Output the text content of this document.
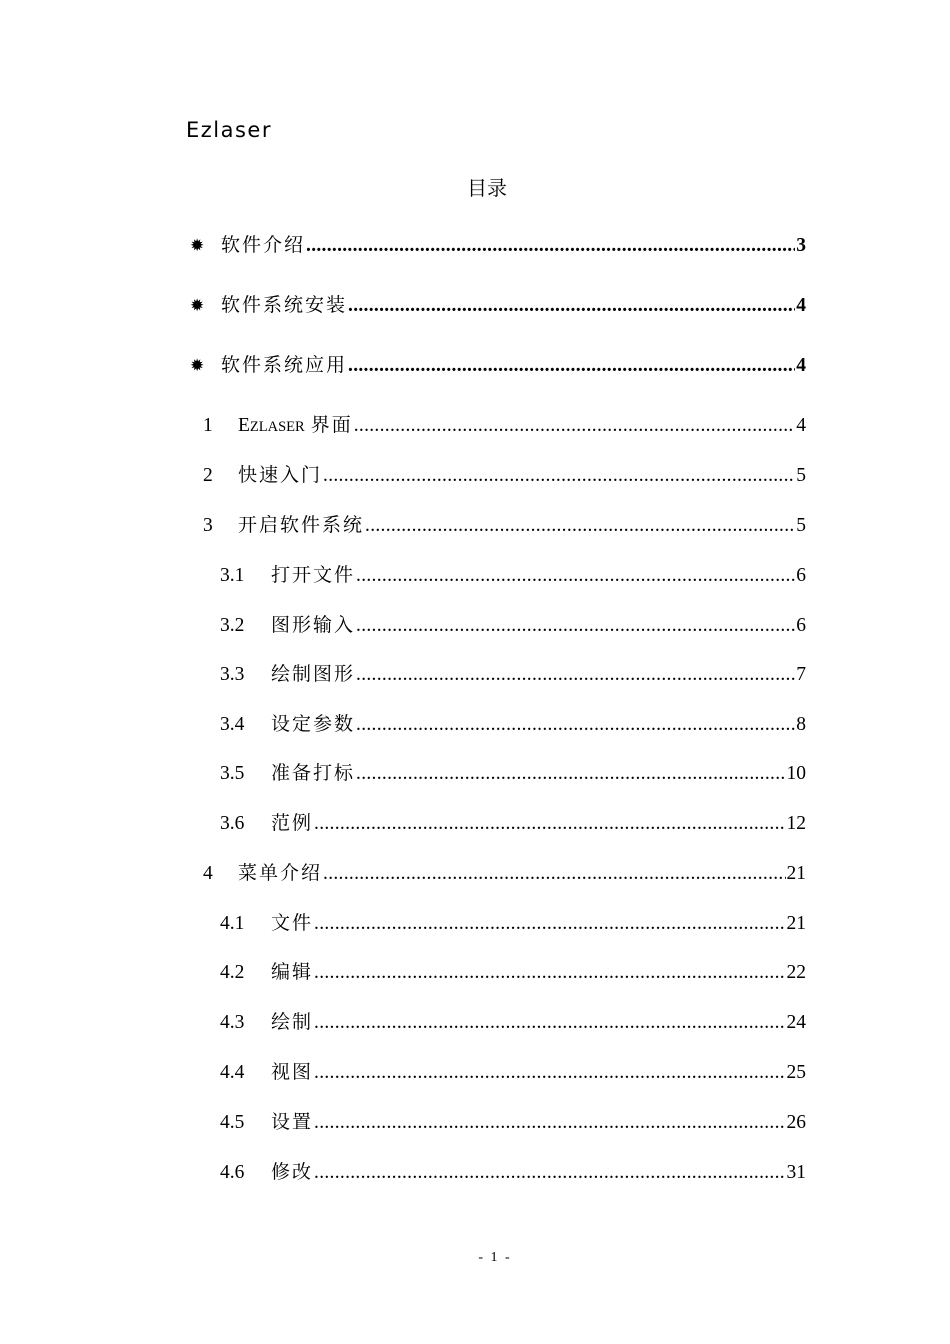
Ezlaser
目录
✹ 软件介绍 .....	3
✹ 软件系统安装 .....	4
✹ 软件系统应用 .....	4
1	EZLASER 界面 .....	4
2	快速入门 .....	5
3	开启软件系统 .....	5
3.1	打开文件 .....	6
3.2	图形输入 .....	6
3.3	绘制图形 .....	7
3.4	设定参数 .....	8
3.5	准备打标 .....	10
3.6	范例 .....	12
4	菜单介绍 .....	21
4.1	文件 .....	21
4.2	编辑 .....	22
4.3	绘制 .....	24
4.4	视图 .....	25
4.5	设置 .....	26
4.6	修改 .....	31
- 1 -
